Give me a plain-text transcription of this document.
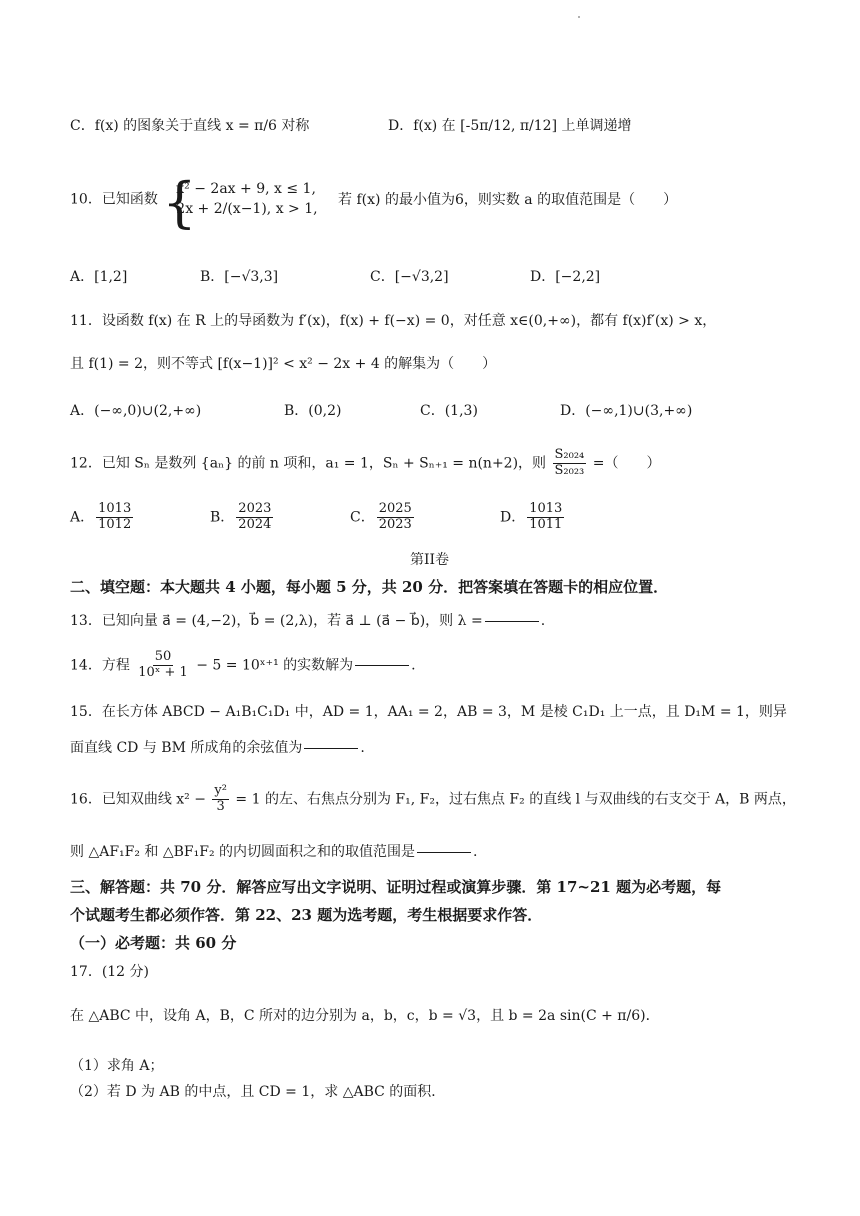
C．f(x) 的图象关于直线 x = π/6 对称	D．f(x) 在 [-5π/12, π/12] 上单调递增
10．已知函数 {
x² − 2ax + 9, x ≤ 1,
2x + 2/(x−1), x > 1,
若 f(x) 的最小值为6，则实数 a 的取值范围是（　　）
A．[1,2]	B．[−√3,3]	C．[−√3,2]	D．[−2,2]
11．设函数 f(x) 在 R 上的导函数为 f′(x)，f(x) + f(−x) = 0，对任意 x∈(0,+∞)，都有 f(x)f′(x) > x，
且 f(1) = 2，则不等式 [f(x−1)]² < x² − 2x + 4 的解集为（　　）
A．(−∞,0)∪(2,+∞)	B．(0,2)	C．(1,3)	D．(−∞,1)∪(3,+∞)
12．已知 Sₙ 是数列 {aₙ} 的前 n 项和，a₁ = 1，Sₙ + Sₙ₊₁ = n(n+2)，则 $\frac{\text{S₂₀₂₄}}{\text{S₂₀₂₃}}$ =（　　）
A． $\frac{1013}{1012}$	B． $\frac{2023}{2024}$	C． $\frac{2025}{2023}$	D． $\frac{1013}{1011}$
第II卷
二、填空题：本大题共 4 小题，每小题 5 分，共 20 分．把答案填在答题卡的相应位置．
13．已知向量 a⃗ = (4,−2)，b⃗ = (2,λ)，若 a⃗ ⊥ (a⃗ − b⃗)，则 λ =	.
14．方程 $\frac{50}{\text{10ˣ + 1}} - 5$ = 10ˣ⁺¹ 的实数解为	.
15．在长方体 ABCD − A₁B₁C₁D₁ 中，AD = 1，AA₁ = 2，AB = 3，M 是棱 C₁D₁ 上一点，且 D₁M = 1，则异
面直线 CD 与 BM 所成角的余弦值为	.
16．已知双曲线 $x^2 - \frac{\text{y²}}{3} = 1$ 的左、右焦点分别为 F₁, F₂，过右焦点 F₂ 的直线 l 与双曲线的右支交于 A，B 两点，
则 △AF₁F₂ 和 △BF₁F₂ 的内切圆面积之和的取值范围是	.
三、解答题：共 70 分．解答应写出文字说明、证明过程或演算步骤．第 17~21 题为必考题，每
个试题考生都必须作答．第 22、23 题为选考题，考生根据要求作答．
（一）必考题：共 60 分
17．(12 分)
在 △ABC 中，设角 A，B，C 所对的边分别为 a，b，c，b = √3，且 b = 2a sin(C + π/6)．
（1）求角 A；
（2）若 D 为 AB 的中点，且 CD = 1，求 △ABC 的面积．
